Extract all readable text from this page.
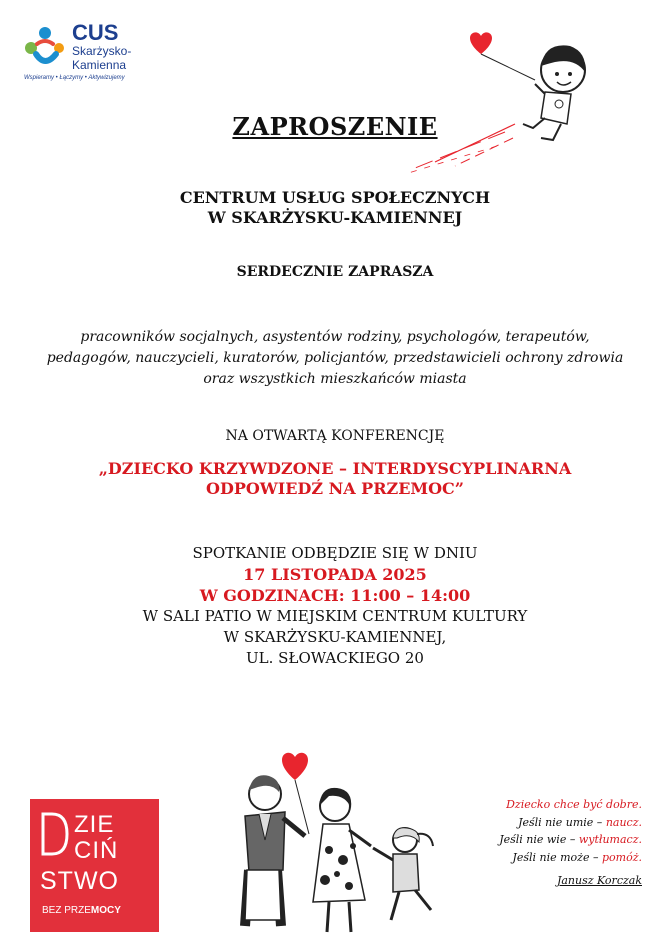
CUS
Skarżysko-
Kamienna
Wspieramy • Łączymy • Aktywizujemy
ZAPROSZENIE
CENTRUM USŁUG SPOŁECZNYCH
W SKARŻYSKU-KAMIENNEJ
SERDECZNIE ZAPRASZA
pracowników socjalnych, asystentów rodziny, psychologów, terapeutów,
pedagogów, nauczycieli, kuratorów, policjantów, przedstawicieli ochrony zdrowia
oraz wszystkich mieszkańców miasta
NA OTWARTĄ KONFERENCJĘ
„DZIECKO KRZYWDZONE – INTERDYSCYPLINARNA
ODPOWIEDŹ NA PRZEMOC”
SPOTKANIE ODBĘDZIE SIĘ W DNIU
17 LISTOPADA 2025
W GODZINACH: 11:00 – 14:00
W SALI PATIO W MIEJSKIM CENTRUM KULTURY
W SKARŻYSKU-KAMIENNEJ,
UL. SŁOWACKIEGO 20
ZIE
CIŃ
STWO
BEZ PRZEMOCY
Dziecko chce być dobre.
Jeśli nie umie – naucz.
Jeśli nie wie – wytłumacz.
Jeśli nie może – pomóż.
Janusz Korczak
